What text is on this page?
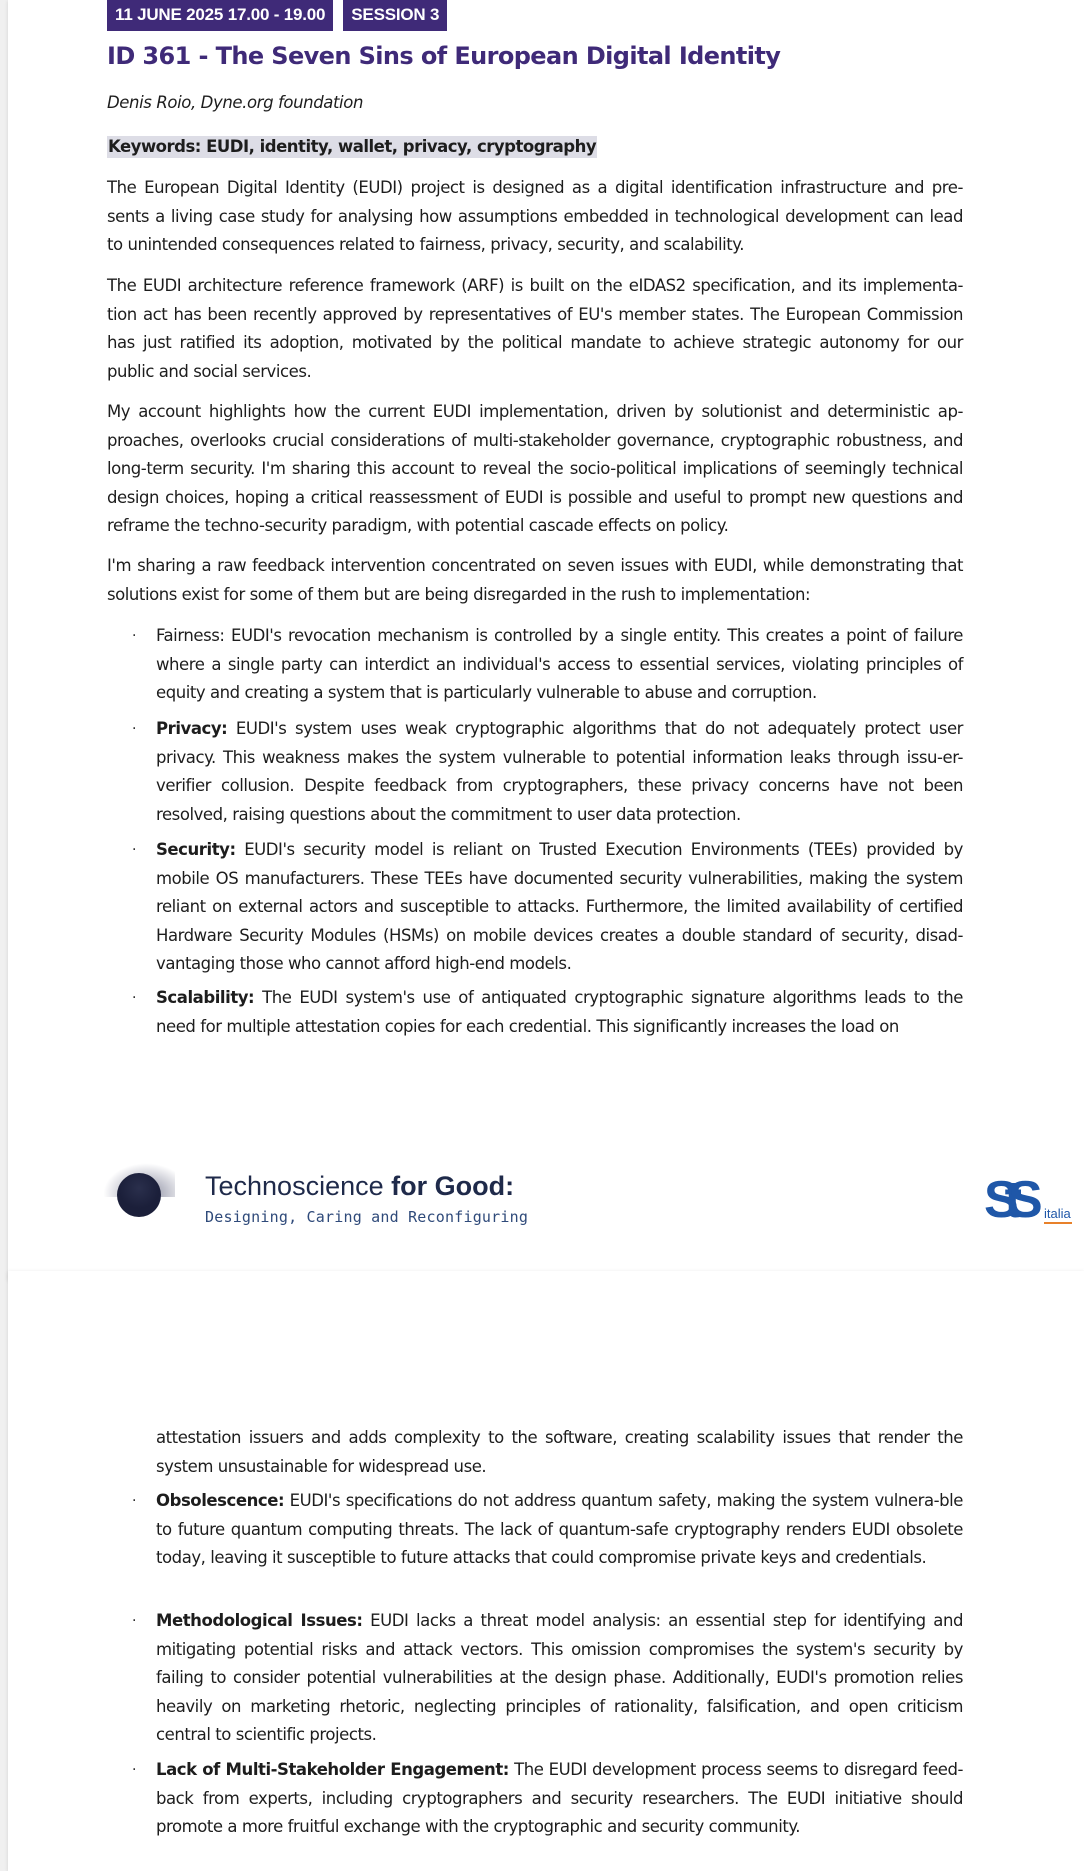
11 JUNE 2025 17.00 - 19.00	SESSION 3
ID 361 - The Seven Sins of European Digital Identity
Denis Roio, Dyne.org foundation
Keywords: EUDI, identity, wallet, privacy, cryptography

The European Digital Identity (EUDI) project is designed as a digital identification infrastructure and pre-sents a living case study for analysing how assumptions embedded in technological development can lead to unintended consequences related to fairness, privacy, security, and scalability.

The EUDI architecture reference framework (ARF) is built on the eIDAS2 specification, and its implementa-tion act has been recently approved by representatives of EU's member states. The European Commission has just ratified its adoption, motivated by the political mandate to achieve strategic autonomy for our public and social services.

My account highlights how the current EUDI implementation, driven by solutionist and deterministic ap-proaches, overlooks crucial considerations of multi-stakeholder governance, cryptographic robustness, and long-term security. I'm sharing this account to reveal the socio-political implications of seemingly technical design choices, hoping a critical reassessment of EUDI is possible and useful to prompt new questions and reframe the techno-security paradigm, with potential cascade effects on policy.

I'm sharing a raw feedback intervention concentrated on seven issues with EUDI, while demonstrating that solutions exist for some of them but are being disregarded in the rush to implementation:

· Fairness: EUDI's revocation mechanism is controlled by a single entity. This creates a point of failure where a single party can interdict an individual's access to essential services, violating principles of equity and creating a system that is particularly vulnerable to abuse and corruption.
· Privacy: EUDI's system uses weak cryptographic algorithms that do not adequately protect user privacy. This weakness makes the system vulnerable to potential information leaks through issu-er-verifier collusion. Despite feedback from cryptographers, these privacy concerns have not been resolved, raising questions about the commitment to user data protection.
· Security: EUDI's security model is reliant on Trusted Execution Environments (TEEs) provided by mobile OS manufacturers. These TEEs have documented security vulnerabilities, making the system reliant on external actors and susceptible to attacks. Furthermore, the limited availability of certified Hardware Security Modules (HSMs) on mobile devices creates a double standard of security, disad-vantaging those who cannot afford high-end models.
· Scalability: The EUDI system's use of antiquated cryptographic signature algorithms leads to the need for multiple attestation copies for each credential. This significantly increases the load on
Technoscience for Good:
Designing, Caring and Reconfiguring	StS	italia

attestation issuers and adds complexity to the software, creating scalability issues that render the system unsustainable for widespread use.

· Obsolescence: EUDI's specifications do not address quantum safety, making the system vulnera-ble to future quantum computing threats. The lack of quantum-safe cryptography renders EUDI obsolete today, leaving it susceptible to future attacks that could compromise private keys and credentials.
· Methodological Issues: EUDI lacks a threat model analysis: an essential step for identifying and mitigating potential risks and attack vectors. This omission compromises the system's security by failing to consider potential vulnerabilities at the design phase. Additionally, EUDI's promotion relies heavily on marketing rhetoric, neglecting principles of rationality, falsification, and open criticism central to scientific projects.
· Lack of Multi-Stakeholder Engagement: The EUDI development process seems to disregard feed-back from experts, including cryptographers and security researchers. The EUDI initiative should promote a more fruitful exchange with the cryptographic and security community.
